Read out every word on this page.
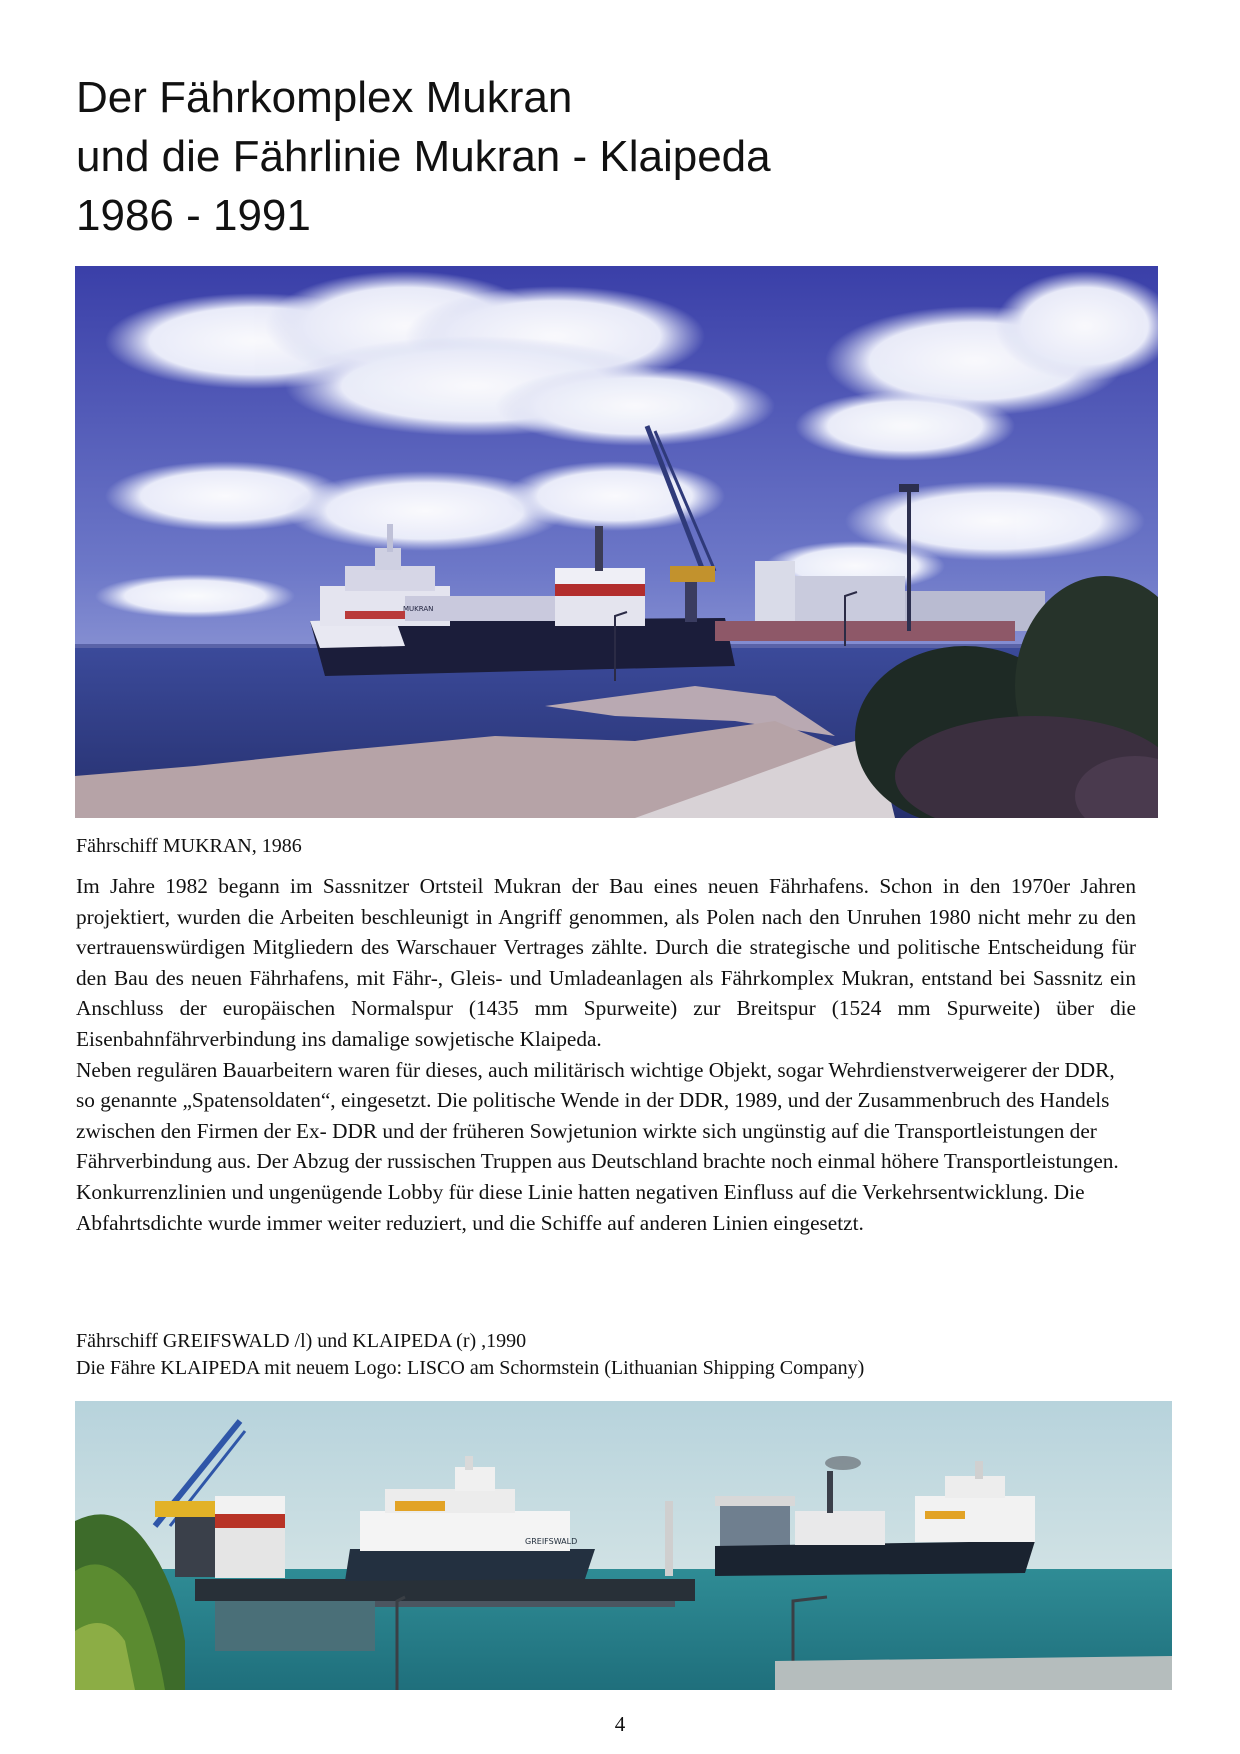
Der Fährkomplex Mukran
und die Fährlinie Mukran - Klaipeda
1986 - 1991
MUKRAN
Fährschiff MUKRAN, 1986

Im Jahre 1982 begann im Sassnitzer Ortsteil Mukran der Bau eines neuen Fährhafens. Schon in den 1970er Jahren projektiert, wurden die Arbeiten beschleunigt in Angriff genommen, als Polen nach den Unruhen 1980 nicht mehr zu den vertrauenswürdigen Mitgliedern des Warschauer Vertrages zählte. Durch die strategische und politische Entscheidung für den Bau des neuen Fährhafens, mit Fähr-, Gleis- und Umladeanlagen als Fährkomplex Mukran, entstand bei Sassnitz ein Anschluss der europäischen Normalspur (1435 mm Spurweite) zur Breitspur (1524 mm Spurweite) über die Eisenbahnfährverbindung ins damalige sowjetische Klaipeda.

Neben regulären Bauarbeitern waren für dieses, auch militärisch wichtige Objekt, sogar Wehrdienstverweigerer der DDR, so genannte „Spatensoldaten“, eingesetzt. Die politische Wende in der DDR, 1989, und der Zusammenbruch des Handels zwischen den Firmen der Ex- DDR und der früheren Sowjetunion wirkte sich ungünstig auf die Transportleistungen der Fährverbindung aus. Der Abzug der russischen Truppen aus Deutschland brachte noch einmal höhere Transportleistungen. Konkurrenzlinien und ungenügende Lobby für diese Linie hatten negativen Einfluss auf die Verkehrsentwicklung. Die Abfahrtsdichte wurde immer weiter reduziert, und die Schiffe auf anderen Linien eingesetzt.

Fährschiff GREIFSWALD /l) und KLAIPEDA (r) ,1990
Die Fähre KLAIPEDA mit neuem Logo: LISCO am Schormstein (Lithuanian Shipping Company)
GREIFSWALD
4
